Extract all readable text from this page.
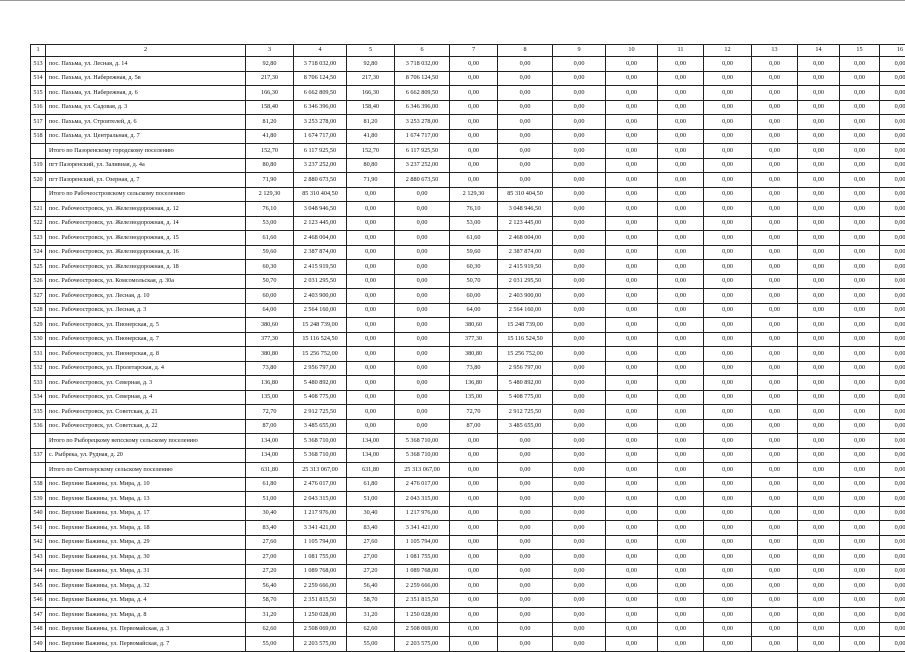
1	2	3	4	5	6	7	8	9	10	11	12	13	14	15	16
513	пос. Пахьма, ул. Лесная, д. 14	92,80	3 718 032,00	92,80	3 718 032,00	0,00	0,00	0,00	0,00	0,00	0,00	0,00	0,00	0,00	0,00
514	пос. Пахьма, ул. Набережная, д. 5в	217,30	8 706 124,50	217,30	8 706 124,50	0,00	0,00	0,00	0,00	0,00	0,00	0,00	0,00	0,00	0,00
515	пос. Пахьма, ул. Набережная, д. 6	166,30	6 662 809,50	166,30	6 662 809,50	0,00	0,00	0,00	0,00	0,00	0,00	0,00	0,00	0,00	0,00
516	пос. Пахьма, ул. Садовая, д. 3	158,40	6 346 396,00	158,40	6 346 396,00	0,00	0,00	0,00	0,00	0,00	0,00	0,00	0,00	0,00	0,00
517	пос. Пахьма, ул. Строителей, д. 6	81,20	3 253 278,00	81,20	3 253 278,00	0,00	0,00	0,00	0,00	0,00	0,00	0,00	0,00	0,00	0,00
518	пос. Пахьма, ул. Центральная, д. 7	41,80	1 674 717,00	41,80	1 674 717,00	0,00	0,00	0,00	0,00	0,00	0,00	0,00	0,00	0,00	0,00
	Итого по Пазоренскому городскому поселению	152,70	6 117 925,50	152,70	6 117 925,50	0,00	0,00	0,00	0,00	0,00	0,00	0,00	0,00	0,00	0,00
519	пгт Пазоренский, ул. Заливная, д. 4а	80,80	3 237 252,00	80,80	3 237 252,00	0,00	0,00	0,00	0,00	0,00	0,00	0,00	0,00	0,00	0,00
520	пгт Пазоренский, ул. Озерная, д. 7	71,90	2 880 673,50	71,90	2 880 673,50	0,00	0,00	0,00	0,00	0,00	0,00	0,00	0,00	0,00	0,00
	Итого по Рабочеостровскому сельскому поселению	2 129,30	85 310 404,50	0,00	0,00	2 129,30	85 310 404,50	0,00	0,00	0,00	0,00	0,00	0,00	0,00	0,00
521	пос. Рабочеостровск, ул. Железнодорожная, д. 12	76,10	3 048 946,50	0,00	0,00	76,10	3 048 946,50	0,00	0,00	0,00	0,00	0,00	0,00	0,00	0,00
522	пос. Рабочеостровск, ул. Железнодорожная, д. 14	53,00	2 123 445,00	0,00	0,00	53,00	2 123 445,00	0,00	0,00	0,00	0,00	0,00	0,00	0,00	0,00
523	пос. Рабочеостровск, ул. Железнодорожная, д. 15	61,60	2 468 004,00	0,00	0,00	61,60	2 468 004,00	0,00	0,00	0,00	0,00	0,00	0,00	0,00	0,00
524	пос. Рабочеостровск, ул. Железнодорожная, д. 16	59,60	2 387 874,00	0,00	0,00	59,60	2 387 874,00	0,00	0,00	0,00	0,00	0,00	0,00	0,00	0,00
525	пос. Рабочеостровск, ул. Железнодорожная, д. 18	60,30	2 415 919,50	0,00	0,00	60,30	2 415 919,50	0,00	0,00	0,00	0,00	0,00	0,00	0,00	0,00
526	пос. Рабочеостровск, ул. Комсомольская, д. 30а	50,70	2 031 295,50	0,00	0,00	50,70	2 031 295,50	0,00	0,00	0,00	0,00	0,00	0,00	0,00	0,00
527	пос. Рабочеостровск, ул. Лесная, д. 10	60,00	2 403 900,00	0,00	0,00	60,00	2 403 900,00	0,00	0,00	0,00	0,00	0,00	0,00	0,00	0,00
528	пос. Рабочеостровск, ул. Лесная, д. 3	64,00	2 564 160,00	0,00	0,00	64,00	2 564 160,00	0,00	0,00	0,00	0,00	0,00	0,00	0,00	0,00
529	пос. Рабочеостровск, ул. Пионерская, д. 5	380,60	15 248 739,00	0,00	0,00	380,60	15 248 739,00	0,00	0,00	0,00	0,00	0,00	0,00	0,00	0,00
530	пос. Рабочеостровск, ул. Пионерская, д. 7	377,30	15 116 524,50	0,00	0,00	377,30	15 116 524,50	0,00	0,00	0,00	0,00	0,00	0,00	0,00	0,00
531	пос. Рабочеостровск, ул. Пионерская, д. 8	380,80	15 256 752,00	0,00	0,00	380,80	15 256 752,00	0,00	0,00	0,00	0,00	0,00	0,00	0,00	0,00
532	пос. Рабочеостровск, ул. Пролетарская, д. 4	73,80	2 956 797,00	0,00	0,00	73,80	2 956 797,00	0,00	0,00	0,00	0,00	0,00	0,00	0,00	0,00
533	пос. Рабочеостровск, ул. Северная, д. 3	136,80	5 480 892,00	0,00	0,00	136,80	5 480 892,00	0,00	0,00	0,00	0,00	0,00	0,00	0,00	0,00
534	пос. Рабочеостровск, ул. Северная, д. 4	135,00	5 408 775,00	0,00	0,00	135,00	5 408 775,00	0,00	0,00	0,00	0,00	0,00	0,00	0,00	0,00
535	пос. Рабочеостровск, ул. Советская, д. 21	72,70	2 912 725,50	0,00	0,00	72,70	2 912 725,50	0,00	0,00	0,00	0,00	0,00	0,00	0,00	0,00
536	пос. Рабочеостровск, ул. Советская, д. 22	87,00	3 485 655,00	0,00	0,00	87,00	3 485 655,00	0,00	0,00	0,00	0,00	0,00	0,00	0,00	0,00
	Итого по Рыборецкому вепсскому сельскому поселению	134,00	5 368 710,00	134,00	5 368 710,00	0,00	0,00	0,00	0,00	0,00	0,00	0,00	0,00	0,00	0,00
537	с. Рыбрека, ул. Рудная, д. 20	134,00	5 368 710,00	134,00	5 368 710,00	0,00	0,00	0,00	0,00	0,00	0,00	0,00	0,00	0,00	0,00
	Итого по Святозерскому сельскому поселению	631,80	25 313 067,00	631,80	25 313 067,00	0,00	0,00	0,00	0,00	0,00	0,00	0,00	0,00	0,00	0,00
538	пос. Верхние Важины, ул. Мира, д. 10	61,80	2 476 017,00	61,80	2 476 017,00	0,00	0,00	0,00	0,00	0,00	0,00	0,00	0,00	0,00	0,00
539	пос. Верхние Важины, ул. Мира, д. 13	51,00	2 043 315,00	51,00	2 043 315,00	0,00	0,00	0,00	0,00	0,00	0,00	0,00	0,00	0,00	0,00
540	пос. Верхние Важины, ул. Мира, д. 17	30,40	1 217 976,00	30,40	1 217 976,00	0,00	0,00	0,00	0,00	0,00	0,00	0,00	0,00	0,00	0,00
541	пос. Верхние Важины, ул. Мира, д. 18	83,40	3 341 421,00	83,40	3 341 421,00	0,00	0,00	0,00	0,00	0,00	0,00	0,00	0,00	0,00	0,00
542	пос. Верхние Важины, ул. Мира, д. 29	27,60	1 105 794,00	27,60	1 105 794,00	0,00	0,00	0,00	0,00	0,00	0,00	0,00	0,00	0,00	0,00
543	пос. Верхние Важины, ул. Мира, д. 30	27,00	1 081 755,00	27,00	1 081 755,00	0,00	0,00	0,00	0,00	0,00	0,00	0,00	0,00	0,00	0,00
544	пос. Верхние Важины, ул. Мира, д. 31	27,20	1 089 768,00	27,20	1 089 768,00	0,00	0,00	0,00	0,00	0,00	0,00	0,00	0,00	0,00	0,00
545	пос. Верхние Важины, ул. Мира, д. 32	56,40	2 259 666,00	56,40	2 259 666,00	0,00	0,00	0,00	0,00	0,00	0,00	0,00	0,00	0,00	0,00
546	пос. Верхние Важины, ул. Мира, д. 4	58,70	2 351 815,50	58,70	2 351 815,50	0,00	0,00	0,00	0,00	0,00	0,00	0,00	0,00	0,00	0,00
547	пос. Верхние Важины, ул. Мира, д. 8	31,20	1 250 028,00	31,20	1 250 028,00	0,00	0,00	0,00	0,00	0,00	0,00	0,00	0,00	0,00	0,00
548	пос. Верхние Важины, ул. Первомайская, д. 3	62,60	2 508 069,00	62,60	2 508 069,00	0,00	0,00	0,00	0,00	0,00	0,00	0,00	0,00	0,00	0,00
549	пос. Верхние Важины, ул. Первомайская, д. 7	55,00	2 203 575,00	55,00	2 203 575,00	0,00	0,00	0,00	0,00	0,00	0,00	0,00	0,00	0,00	0,00
